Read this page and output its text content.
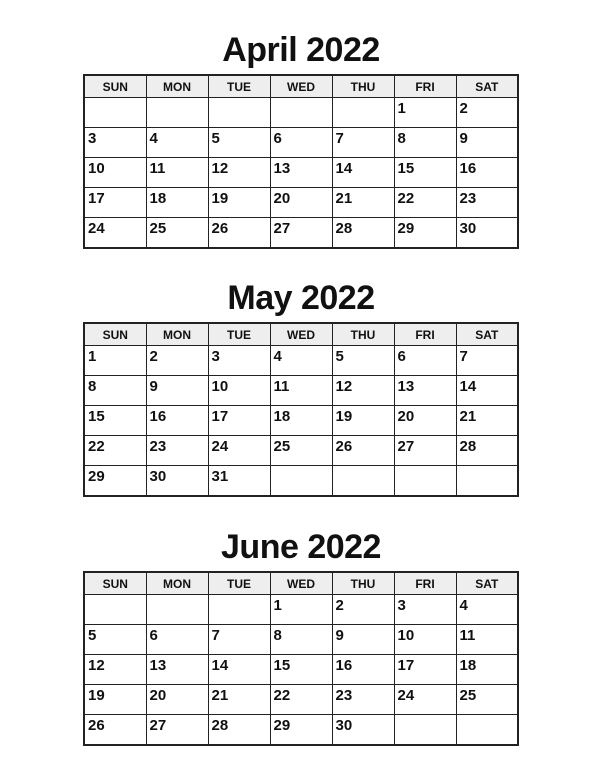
April 2022
SUN	MON	TUE	WED	THU	FRI	SAT
					1	2
3	4	5	6	7	8	9
10	11	12	13	14	15	16
17	18	19	20	21	22	23
24	25	26	27	28	29	30
May 2022
SUN	MON	TUE	WED	THU	FRI	SAT
1	2	3	4	5	6	7
8	9	10	11	12	13	14
15	16	17	18	19	20	21
22	23	24	25	26	27	28
29	30	31				
June 2022
SUN	MON	TUE	WED	THU	FRI	SAT
			1	2	3	4
5	6	7	8	9	10	11
12	13	14	15	16	17	18
19	20	21	22	23	24	25
26	27	28	29	30		
